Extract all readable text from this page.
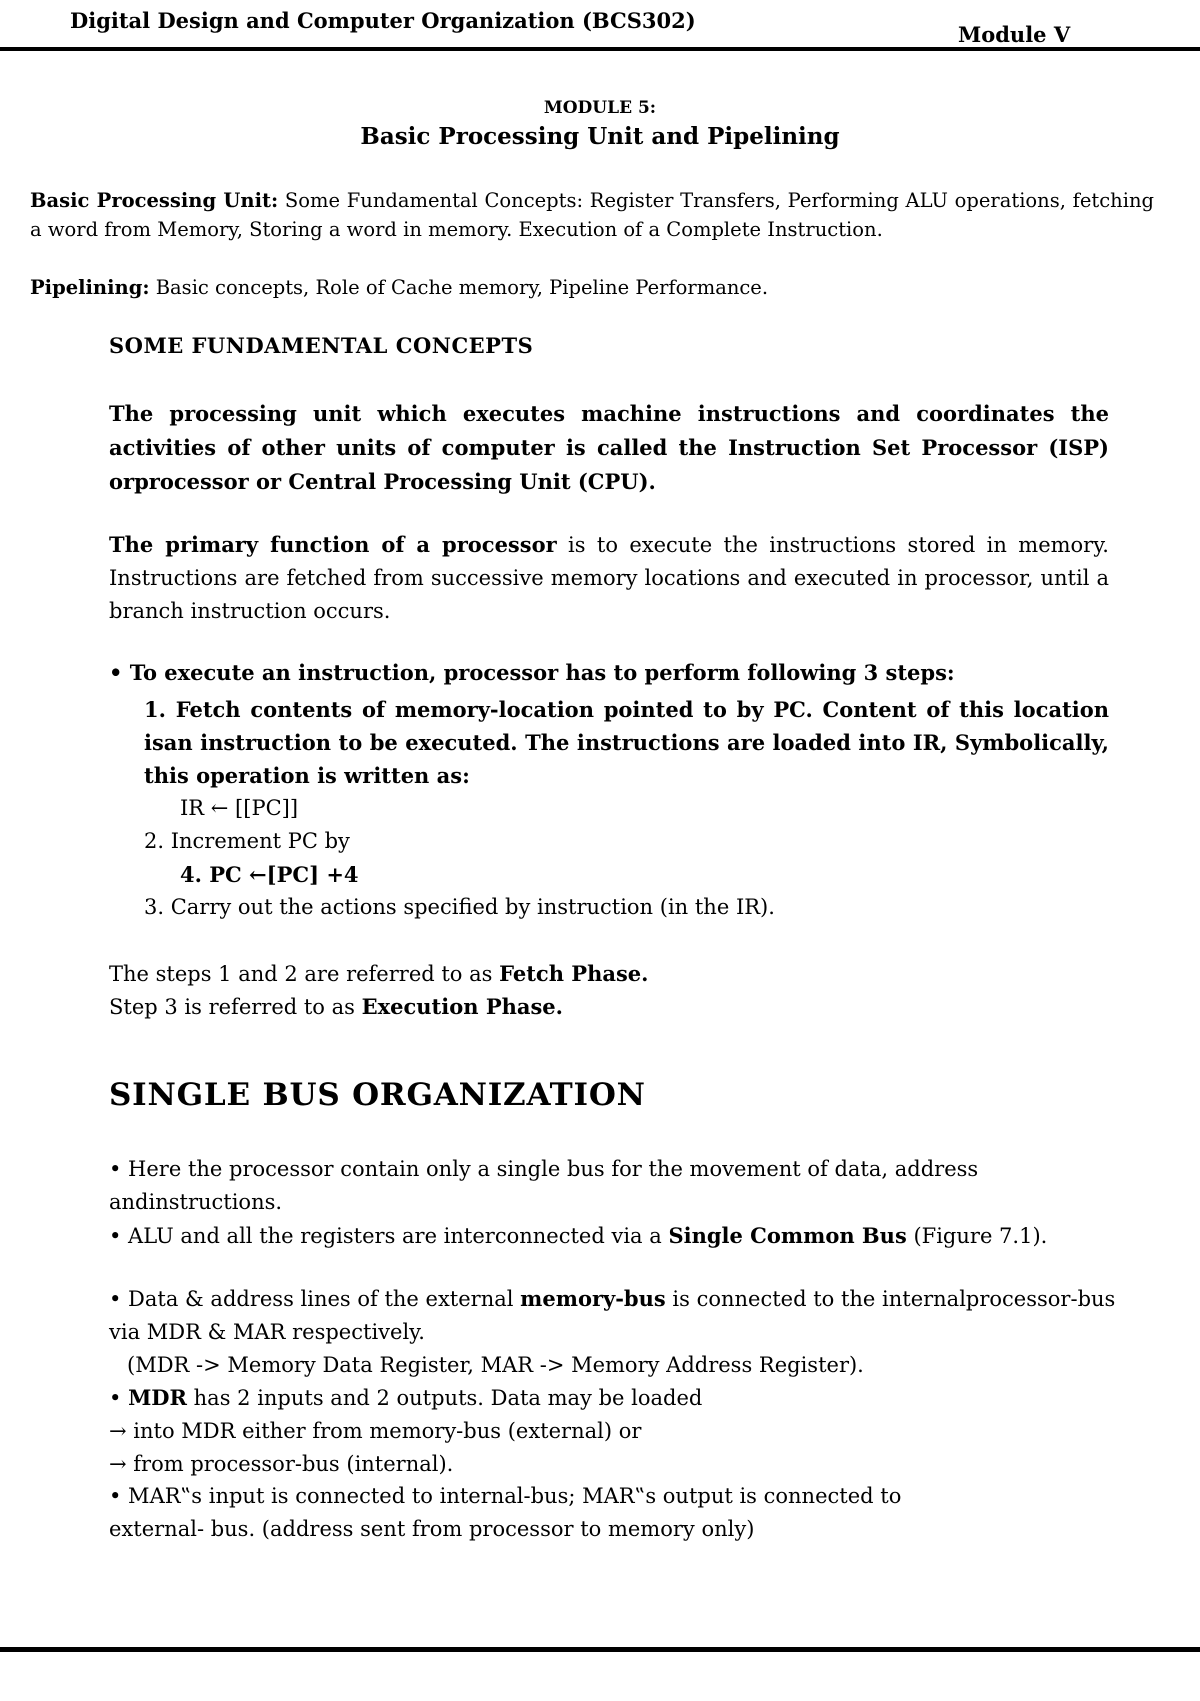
Digital Design and Computer Organization (BCS302)
Module V
MODULE 5:
Basic Processing Unit and Pipelining
Basic Processing Unit: Some Fundamental Concepts: Register Transfers, Performing ALU operations, fetching a word from Memory, Storing a word in memory. Execution of a Complete Instruction.
Pipelining: Basic concepts, Role of Cache memory, Pipeline Performance.
SOME FUNDAMENTAL CONCEPTS
The processing unit which executes machine instructions and coordinates the activities of other units of computer is called the Instruction Set Processor (ISP) orprocessor or Central Processing Unit (CPU).
The primary function of a processor is to execute the instructions stored in memory. Instructions are fetched from successive memory locations and executed in processor, until a branch instruction occurs.
• To execute an instruction, processor has to perform following 3 steps:
1. Fetch contents of memory-location pointed to by PC. Content of this location isan instruction to be executed. The instructions are loaded into IR, Symbolically, this operation is written as:
IR ← [[PC]]
2. Increment PC by
4. PC ←[PC] +4
3. Carry out the actions specified by instruction (in the IR).
The steps 1 and 2 are referred to as Fetch Phase.
Step 3 is referred to as Execution Phase.
SINGLE BUS ORGANIZATION
• Here the processor contain only a single bus for the movement of data, address andinstructions.
• ALU and all the registers are interconnected via a Single Common Bus (Figure 7.1).
• Data & address lines of the external memory-bus is connected to the internalprocessor-bus via MDR & MAR respectively.
(MDR -> Memory Data Register, MAR -> Memory Address Register).
• MDR has 2 inputs and 2 outputs. Data may be loaded
→ into MDR either from memory-bus (external) or
→ from processor-bus (internal).
• MAR‟s input is connected to internal-bus; MAR‟s output is connected to
external- bus. (address sent from processor to memory only)
